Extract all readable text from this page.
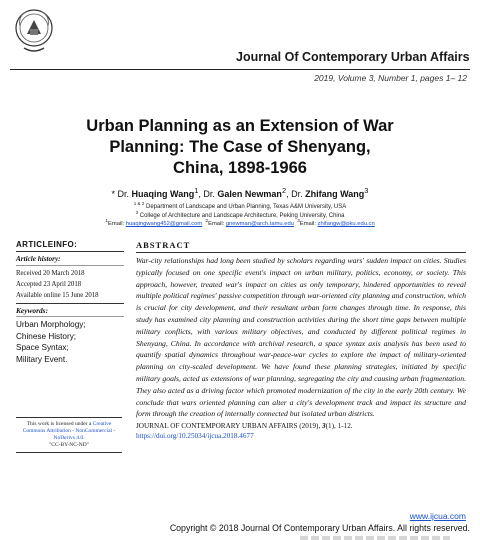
Journal Of Contemporary Urban Affairs
2019, Volume 3, Number 1, pages 1– 12
Urban Planning as an Extension of War
Planning: The Case of Shenyang,
China, 1898-1966
* Dr. Huaqing Wang$^1$, Dr. Galen Newman$^2$, Dr. Zhifang Wang$^3$
$^{1 \& 2}$ Department of Landscape and Urban Planning, Texas A&M University, USA
$^3$ College of Architecture and Landscape Architecture, Peking University, China
$^1$Email: huaqingwang452@gmail.com $^2$Email: gnewman@arch.tamu.edu $^3$Email: zhifangw@pku.edu.cn
ARTICLEINFO:
Article history:
Received 20 March 2018
Accepted 23 April 2018
Available online 15 June 2018
Keywords:
Urban Morphology;
Chinese History;
Space Syntax;
Military Event.
This work is licensed under a Creative Commons Attribution - NonCommercial - NoDerivs 4.0.
"CC-BY-NC-ND"
ABSTRACT
War-city relationships had long been studied by scholars regarding wars' sudden impact on cities. Studies typically focused on one specific event's impact on urban military, politics, economy, or society. This approach, however, treated war's impact on cities as only temporary, hindered opportunities to reveal multiple political regimes' passive competition through war-oriented city planning and construction, which is crucial for city development, and their resultant urban form changes through time. In response, this study has examined city planning and construction activities during the short time gaps between multiple military conflicts, with various military objectives, and conducted by different political regimes in Shenyang, China. In accordance with archival research, a space syntax axis analysis has been used to quantify spatial dynamics throughout war-peace-war cycles to explore the impact of military-oriented planning on city-scaled development. We have found these planning strategies, initiated by specific military goals, acted as extensions of war planning, segregating the city and causing urban fragmentation. They also acted as a driving factor which promoted modernization of the city in the early 20th century. We conclude that wars oriented planning can alter a city's development track and impact its structure and form through the creation of internally connected but isolated urban districts.
JOURNAL OF CONTEMPORARY URBAN AFFAIRS (2019), 3(1), 1-12.
https://doi.org/10.25034/ijcua.2018.4677
www.ijcua.com
Copyright © 2018 Journal Of Contemporary Urban Affairs. All rights reserved.
